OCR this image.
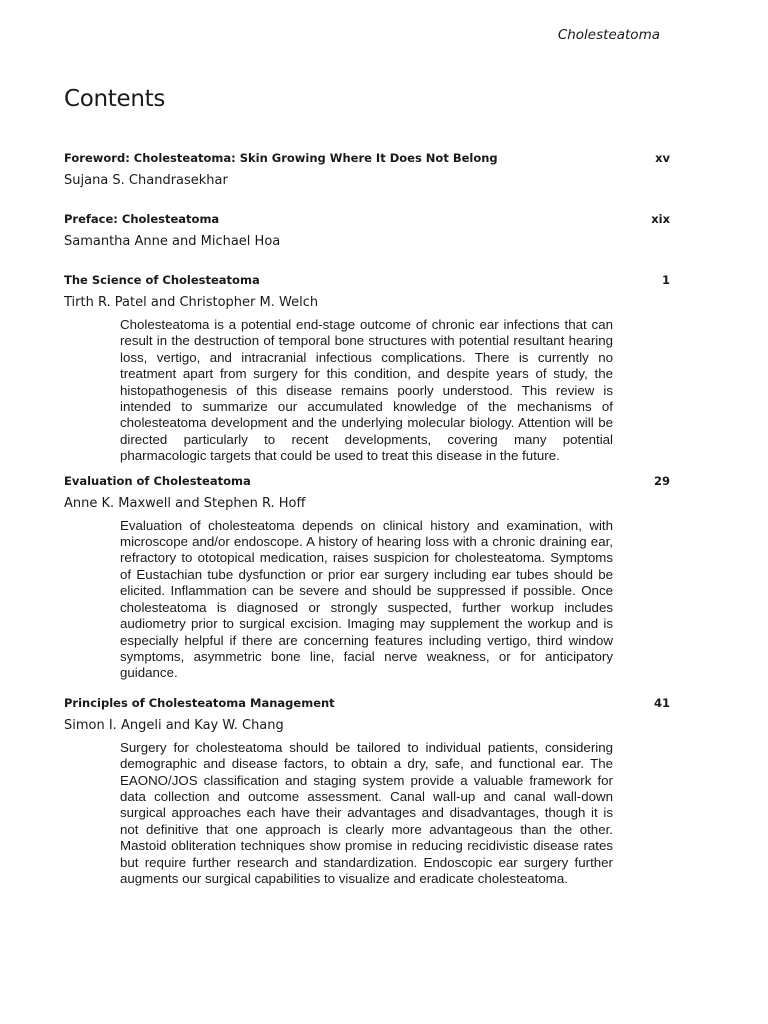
Cholesteatoma
Contents
Foreword: Cholesteatoma: Skin Growing Where It Does Not Belong	xv
Sujana S. Chandrasekhar
Preface: Cholesteatoma	xix
Samantha Anne and Michael Hoa
The Science of Cholesteatoma	1
Tirth R. Patel and Christopher M. Welch

Cholesteatoma is a potential end-stage outcome of chronic ear infections that can result in the destruction of temporal bone structures with potential resultant hearing loss, vertigo, and intracranial infectious complications. There is currently no treatment apart from surgery for this condition, and despite years of study, the histopathogenesis of this disease remains poorly understood. This review is intended to summarize our accumulated knowledge of the mechanisms of cholesteatoma development and the underlying molecular biology. Attention will be directed particularly to recent developments, covering many potential pharmacologic targets that could be used to treat this disease in the future.

Evaluation of Cholesteatoma	29
Anne K. Maxwell and Stephen R. Hoff

Evaluation of cholesteatoma depends on clinical history and examination, with microscope and/or endoscope. A history of hearing loss with a chronic draining ear, refractory to ototopical medication, raises suspicion for cholesteatoma. Symptoms of Eustachian tube dysfunction or prior ear surgery including ear tubes should be elicited. Inflammation can be severe and should be suppressed if possible. Once cholesteatoma is diagnosed or strongly suspected, further workup includes audiometry prior to surgical excision. Imaging may supplement the workup and is especially helpful if there are concerning features including vertigo, third window symptoms, asymmetric bone line, facial nerve weakness, or for anticipatory guidance.

Principles of Cholesteatoma Management	41
Simon I. Angeli and Kay W. Chang

Surgery for cholesteatoma should be tailored to individual patients, considering demographic and disease factors, to obtain a dry, safe, and functional ear. The EAONO/JOS classification and staging system provide a valuable framework for data collection and outcome assessment. Canal wall-up and canal wall-down surgical approaches each have their advantages and disadvantages, though it is not definitive that one approach is clearly more advantageous than the other. Mastoid obliteration techniques show promise in reducing recidivistic disease rates but require further research and standardization. Endoscopic ear surgery further augments our surgical capabilities to visualize and eradicate cholesteatoma.
